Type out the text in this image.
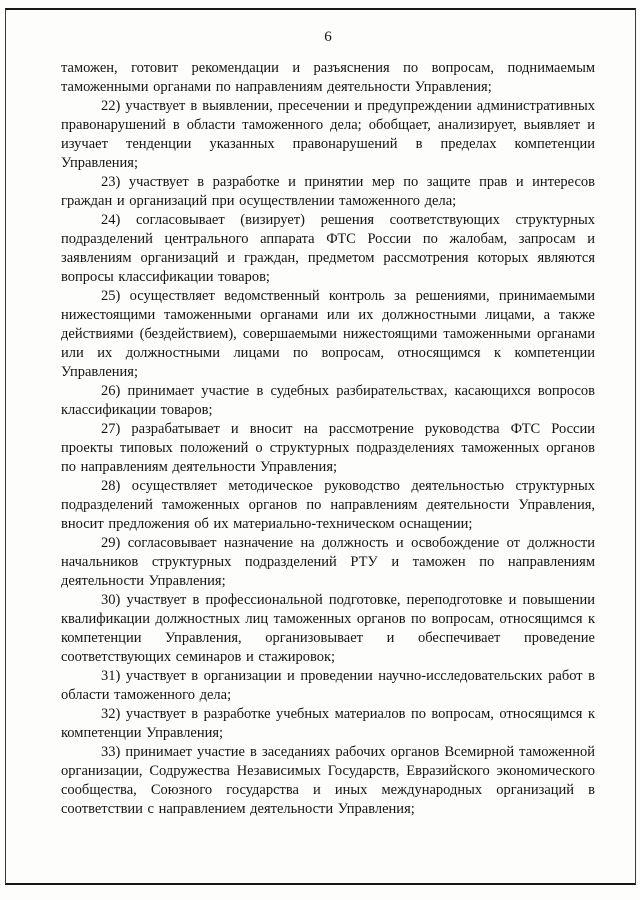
6

таможен, готовит рекомендации и разъяснения по вопросам, поднимаемым таможенными органами по направлениям деятельности Управления;

22) участвует в выявлении, пресечении и предупреждении административных правонарушений в области таможенного дела; обобщает, анализирует, выявляет и изучает тенденции указанных правонарушений в пределах компетенции Управления;

23) участвует в разработке и принятии мер по защите прав и интересов граждан и организаций при осуществлении таможенного дела;

24) согласовывает (визирует) решения соответствующих структурных подразделений центрального аппарата ФТС России по жалобам, запросам и заявлениям организаций и граждан, предметом рассмотрения которых являются вопросы классификации товаров;

25) осуществляет ведомственный контроль за решениями, принимаемыми нижестоящими таможенными органами или их должностными лицами, а также действиями (бездействием), совершаемыми нижестоящими таможенными органами или их должностными лицами по вопросам, относящимся к компетенции Управления;

26) принимает участие в судебных разбирательствах, касающихся вопросов классификации товаров;

27) разрабатывает и вносит на рассмотрение руководства ФТС России проекты типовых положений о структурных подразделениях таможенных органов по направлениям деятельности Управления;

28) осуществляет методическое руководство деятельностью структурных подразделений таможенных органов по направлениям деятельности Управления, вносит предложения об их материально-техническом оснащении;

29) согласовывает назначение на должность и освобождение от должности начальников структурных подразделений РТУ и таможен по направлениям деятельности Управления;

30) участвует в профессиональной подготовке, переподготовке и повышении квалификации должностных лиц таможенных органов по вопросам, относящимся к компетенции Управления, организовывает и обеспечивает проведение соответствующих семинаров и стажировок;

31) участвует в организации и проведении научно-исследовательских работ в области таможенного дела;

32) участвует в разработке учебных материалов по вопросам, относящимся к компетенции Управления;

33) принимает участие в заседаниях рабочих органов Всемирной таможенной организации, Содружества Независимых Государств, Евразийского экономического сообщества, Союзного государства и иных международных организаций в соответствии с направлением деятельности Управления;
